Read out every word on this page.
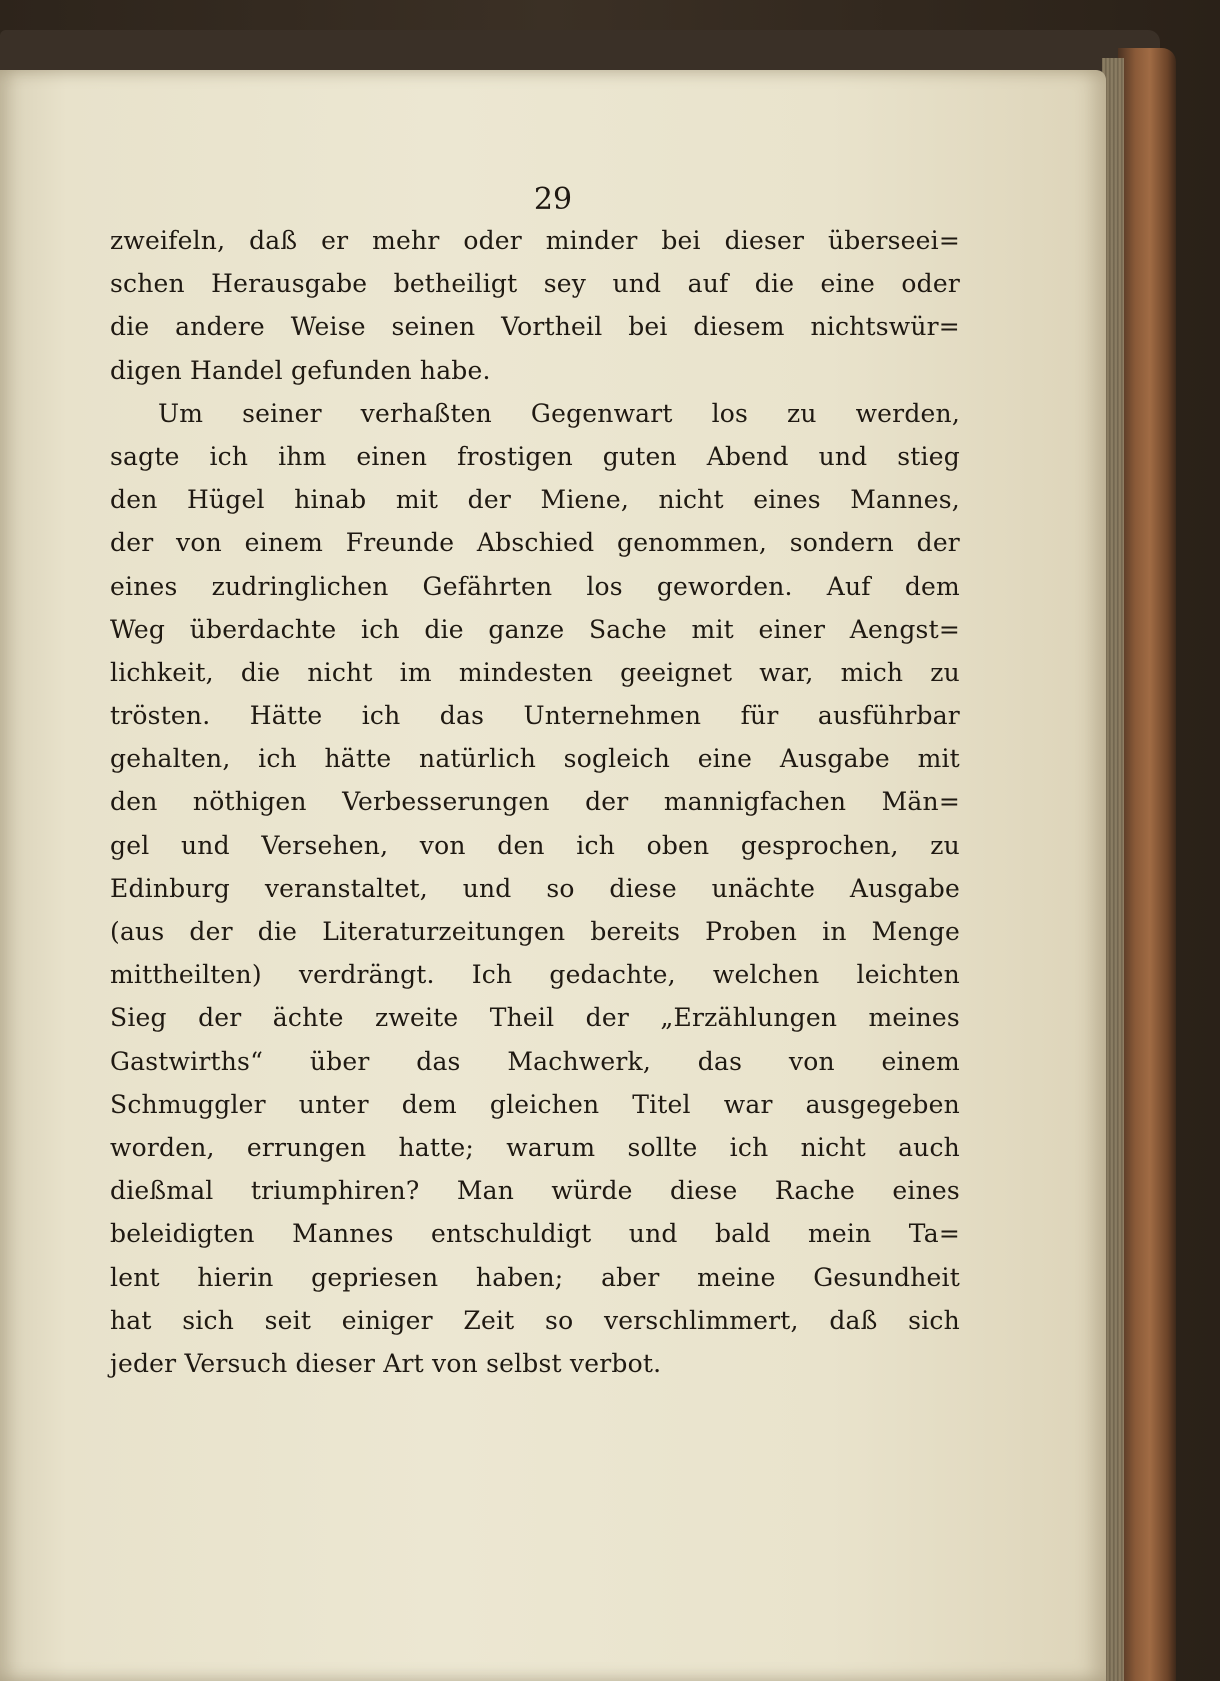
29
zweifeln, daß er mehr oder minder bei dieser überseei=
schen Herausgabe betheiligt sey und auf die eine oder
die andere Weise seinen Vortheil bei diesem nichtswür=
digen Handel gefunden habe.
Um seiner verhaßten Gegenwart los zu werden,
sagte ich ihm einen frostigen guten Abend und stieg
den Hügel hinab mit der Miene, nicht eines Mannes,
der von einem Freunde Abschied genommen, sondern der
eines zudringlichen Gefährten los geworden. Auf dem
Weg überdachte ich die ganze Sache mit einer Aengst=
lichkeit, die nicht im mindesten geeignet war, mich zu
trösten. Hätte ich das Unternehmen für ausführbar
gehalten, ich hätte natürlich sogleich eine Ausgabe mit
den nöthigen Verbesserungen der mannigfachen Män=
gel und Versehen, von den ich oben gesprochen, zu
Edinburg veranstaltet, und so diese unächte Ausgabe
(aus der die Literaturzeitungen bereits Proben in Menge
mittheilten) verdrängt. Ich gedachte, welchen leichten
Sieg der ächte zweite Theil der „Erzählungen meines
Gastwirths“ über das Machwerk, das von einem
Schmuggler unter dem gleichen Titel war ausgegeben
worden, errungen hatte; warum sollte ich nicht auch
dießmal triumphiren? Man würde diese Rache eines
beleidigten Mannes entschuldigt und bald mein Ta=
lent hierin gepriesen haben; aber meine Gesundheit
hat sich seit einiger Zeit so verschlimmert, daß sich
jeder Versuch dieser Art von selbst verbot.
